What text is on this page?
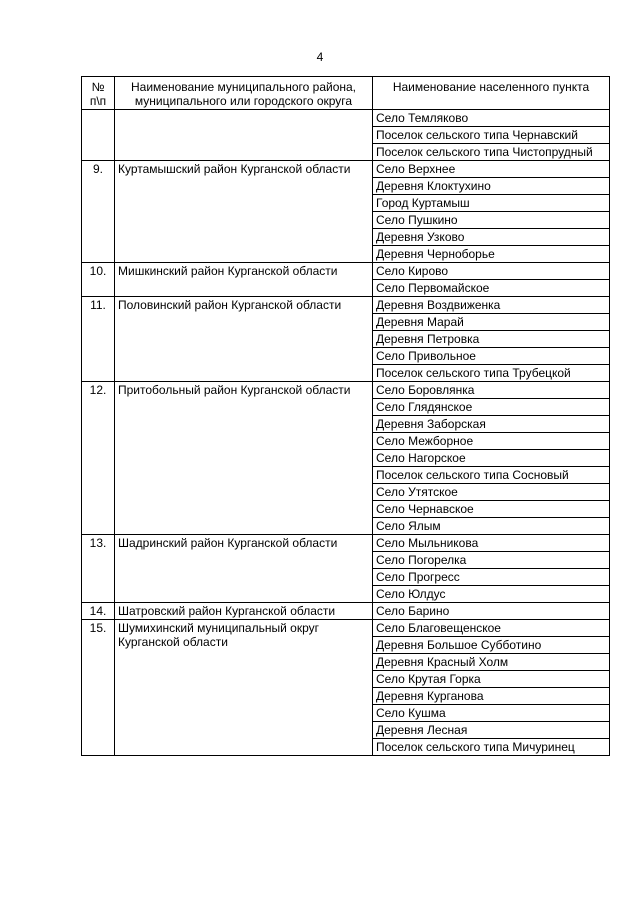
4
№ п\п	Наименование муниципального района, муниципального или городского округа	Наименование населенного пункта
		Село Темляково
		Поселок сельского типа Чернавский
		Поселок сельского типа Чистопрудный
9.	Куртамышский район Курганской области	Село Верхнее
		Деревня Клоктухино
		Город Куртамыш
		Село Пушкино
		Деревня Узково
		Деревня Черноборье
10.	Мишкинский район Курганской области	Село Кирово
		Село Первомайское
11.	Половинский район Курганской области	Деревня Воздвиженка
		Деревня Марай
		Деревня Петровка
		Село Привольное
		Поселок сельского типа Трубецкой
12.	Притобольный район Курганской области	Село Боровлянка
		Село Глядянское
		Деревня Заборская
		Село Межборное
		Село Нагорское
		Поселок сельского типа Сосновый
		Село Утятское
		Село Чернавское
		Село Ялым
13.	Шадринский район Курганской области	Село Мыльникова
		Село Погорелка
		Село Прогресс
		Село Юлдус
14.	Шатровский район Курганской области	Село Барино
15.	Шумихинский муниципальный округ Курганской области	Село Благовещенское
		Деревня Большое Субботино
		Деревня Красный Холм
		Село Крутая Горка
		Деревня Курганова
		Село Кушма
		Деревня Лесная
		Поселок сельского типа Мичуринец
